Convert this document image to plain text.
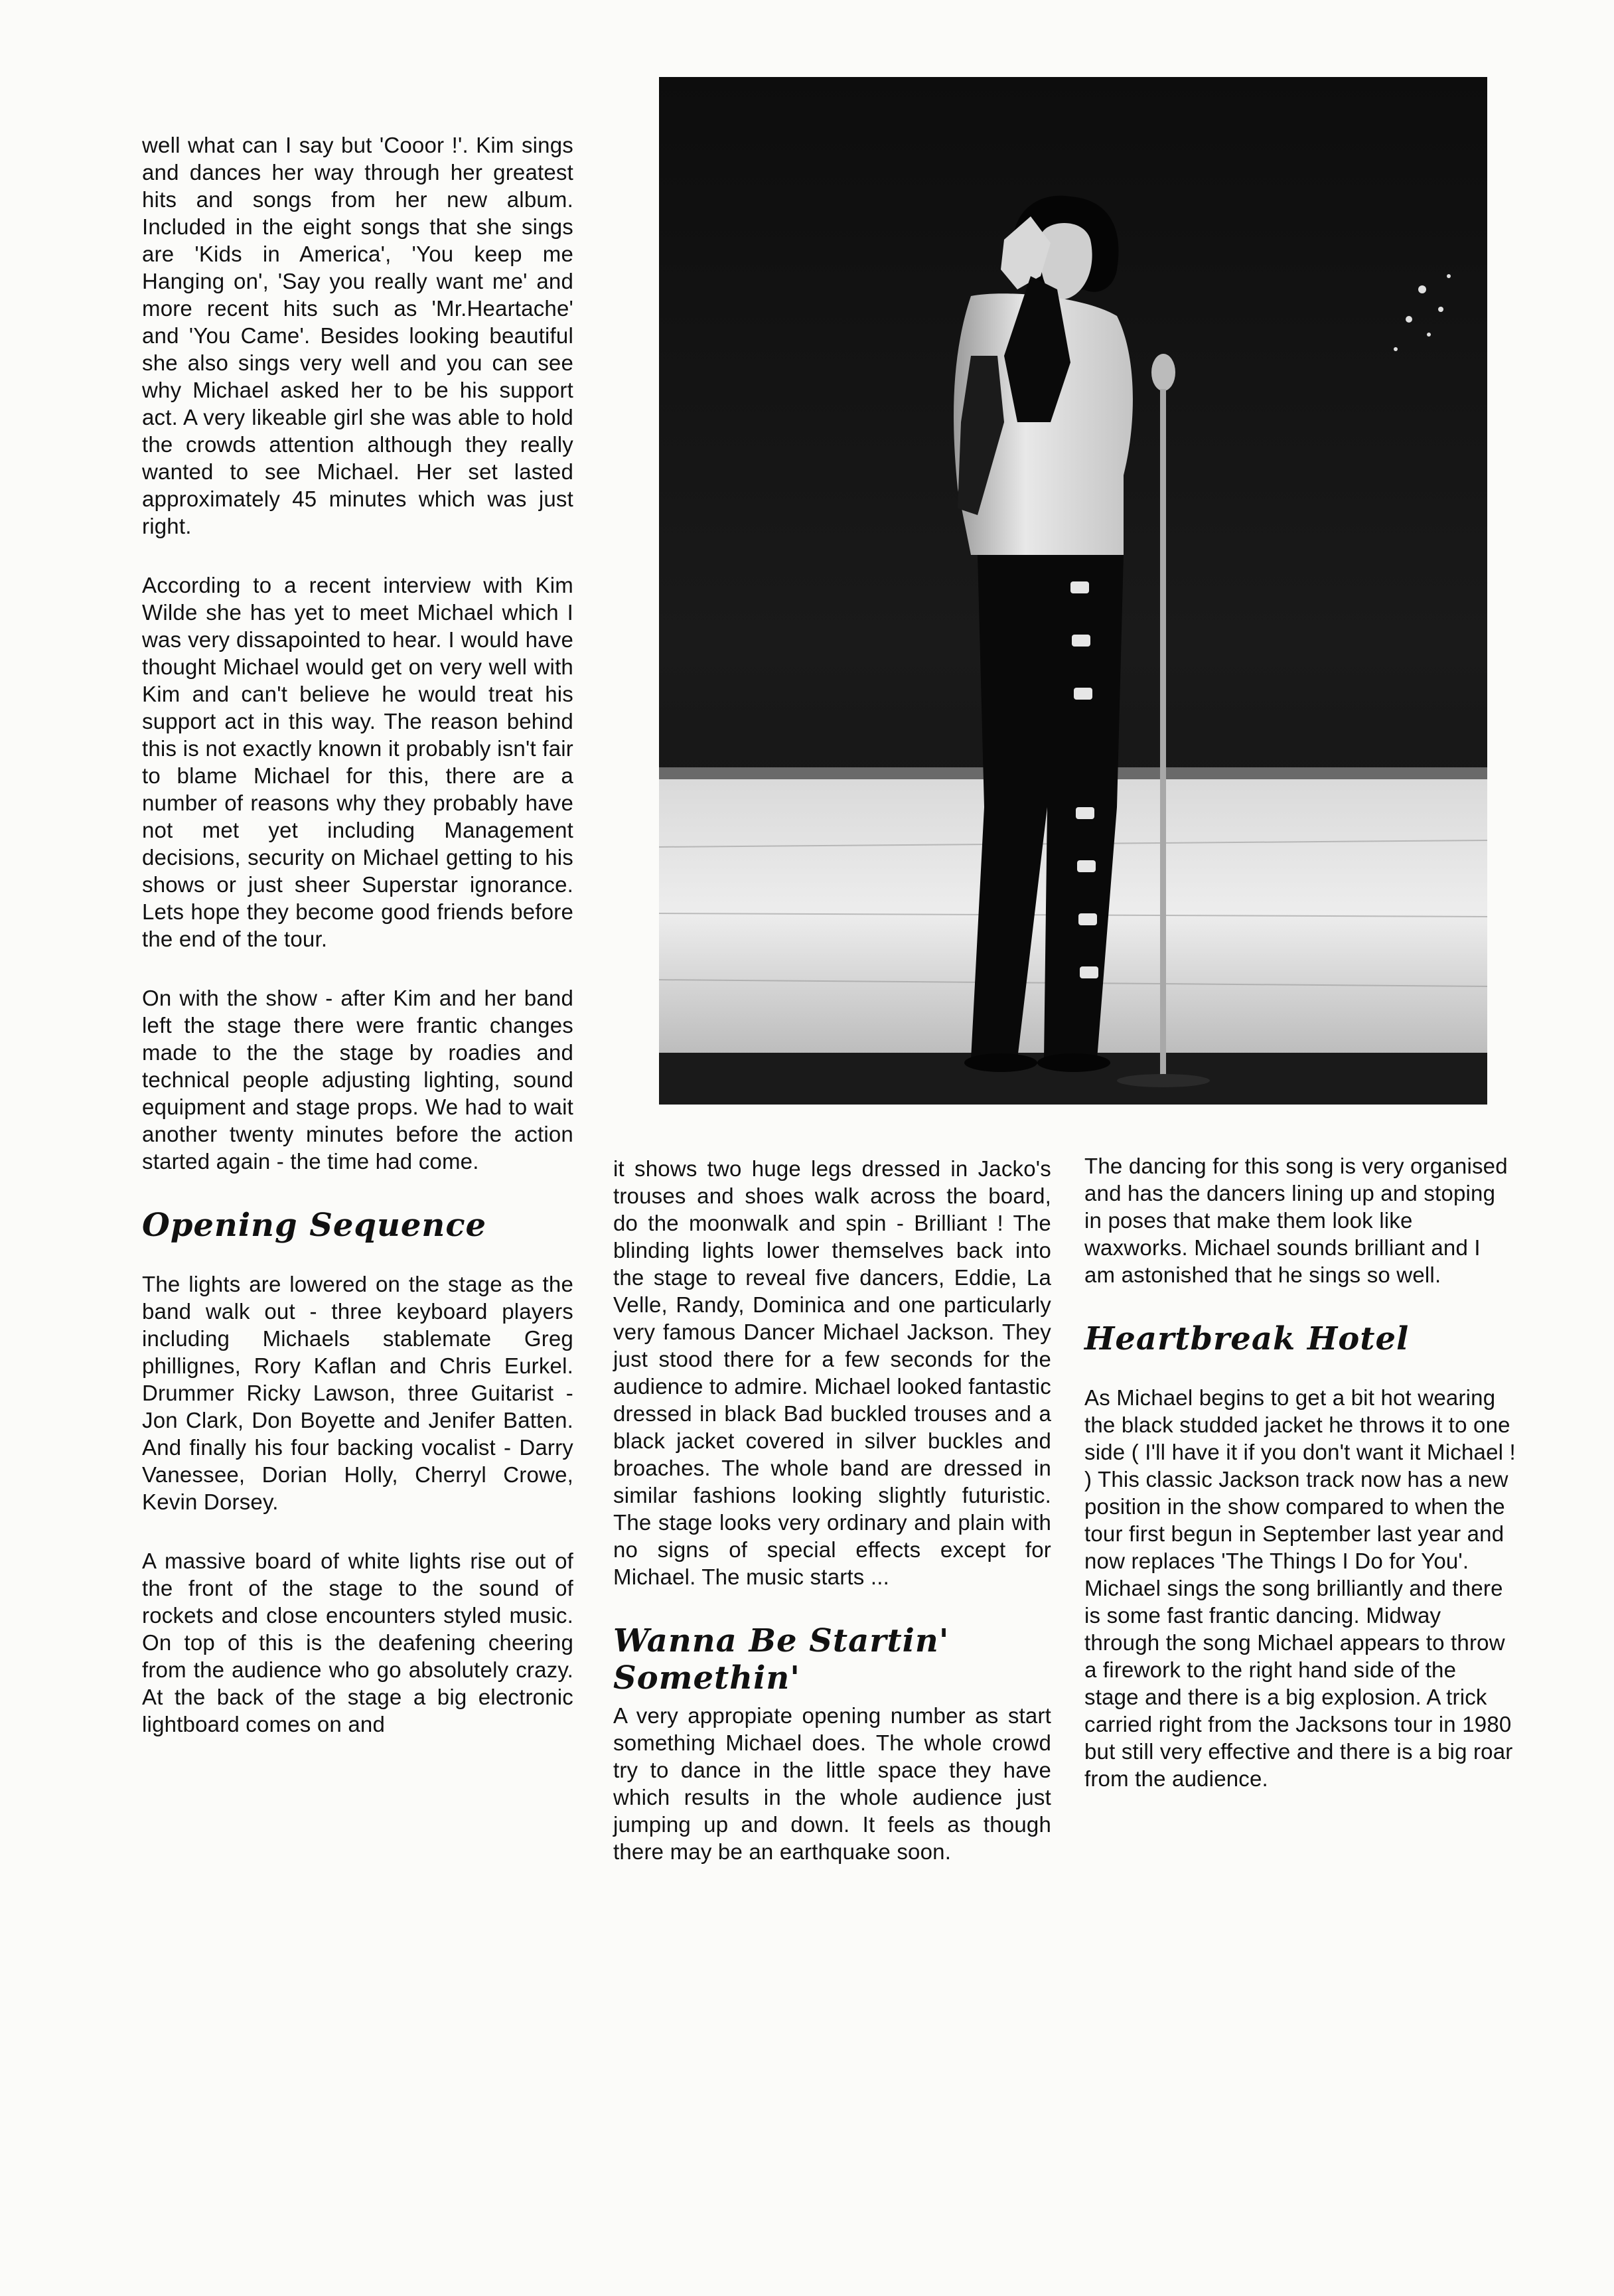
well what can I say but 'Cooor !'. Kim sings and dances her way through her greatest hits and songs from her new album. Included in the eight songs that she sings are 'Kids in America', 'You keep me Hanging on', 'Say you really want me' and more recent hits such as 'Mr.Heartache' and 'You Came'. Besides looking beautiful she also sings very well and you can see why Michael asked her to be his support act. A very likeable girl she was able to hold the crowds attention although they really wanted to see Michael. Her set lasted approximately 45 minutes which was just right.

According to a recent interview with Kim Wilde she has yet to meet Michael which I was very dissapointed to hear. I would have thought Michael would get on very well with Kim and can't believe he would treat his support act in this way. The reason behind this is not exactly known it probably isn't fair to blame Michael for this, there are a number of reasons why they probably have not met yet including Management decisions, security on Michael getting to his shows or just sheer Superstar ignorance. Lets hope they become good friends before the end of the tour.

On with the show - after Kim and her band left the stage there were frantic changes made to the the stage by roadies and technical people adjusting lighting, sound equipment and stage props. We had to wait another twenty minutes before the action started again - the time had come.

Opening Sequence

The lights are lowered on the stage as the band walk out - three keyboard players including Michaels stablemate Greg phillignes, Rory Kaflan and Chris Eurkel. Drummer Ricky Lawson, three Guitarist - Jon Clark, Don Boyette and Jenifer Batten. And finally his four backing vocalist - Darry Vanessee, Dorian Holly, Cherryl Crowe, Kevin Dorsey.

A massive board of white lights rise out of the front of the stage to the sound of rockets and close encounters styled music. On top of this is the deafening cheering from the audience who go absolutely crazy. At the back of the stage a big electronic lightboard comes on and

it shows two huge legs dressed in Jacko's trouses and shoes walk across the board, do the moonwalk and spin - Brilliant ! The blinding lights lower themselves back into the stage to reveal five dancers, Eddie, La Velle, Randy, Dominica and one particularly very famous Dancer Michael Jackson. They just stood there for a few seconds for the audience to admire. Michael looked fantastic dressed in black Bad buckled trouses and a black jacket covered in silver buckles and broaches. The whole band are dressed in similar fashions looking slightly futuristic. The stage looks very ordinary and plain with no signs of special effects except for Michael. The music starts ...

Wanna Be Startin' Somethin'

A very appropiate opening number as start something Michael does. The whole crowd try to dance in the little space they have which results in the whole audience just jumping up and down. It feels as though there may be an earthquake soon.

The dancing for this song is very organised and has the dancers lining up and stoping in poses that make them look like waxworks. Michael sounds brilliant and I am astonished that he sings so well.

Heartbreak Hotel

As Michael begins to get a bit hot wearing the black studded jacket he throws it to one side ( I'll have it if you don't want it Michael ! ) This classic Jackson track now has a new position in the show compared to when the tour first begun in September last year and now replaces 'The Things I Do for You'. Michael sings the song brilliantly and there is some fast frantic dancing. Midway through the song Michael appears to throw a firework to the right hand side of the stage and there is a big explosion. A trick carried right from the Jacksons tour in 1980 but still very effective and there is a big roar from the audience.
